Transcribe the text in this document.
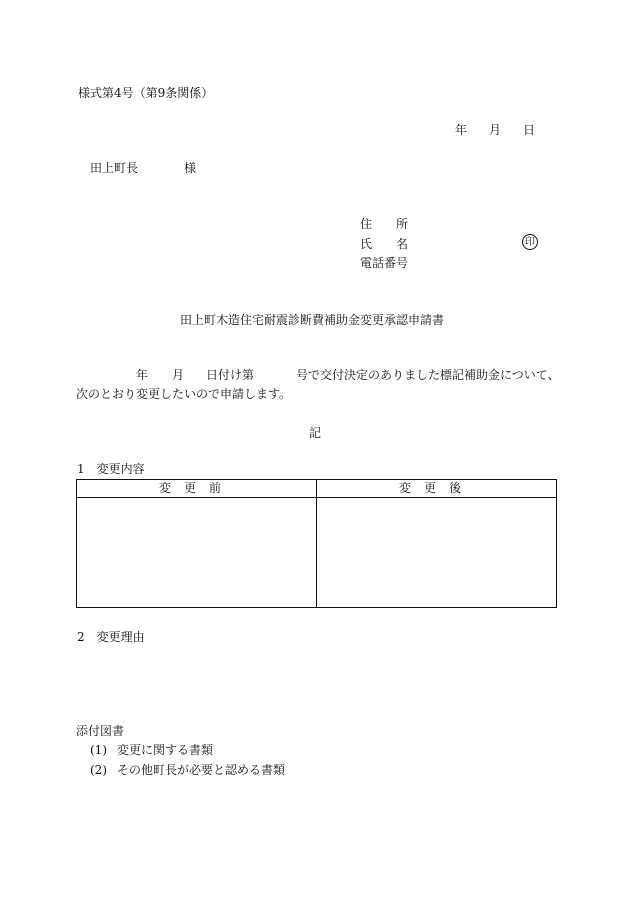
様式第4号（第9条関係）
年 月 日
田上町長	様
住　　所
氏　　名	印
電話番号
田上町木造住宅耐震診断費補助金変更承認申請書
年 月 日付け第	号で交付決定のありました標記補助金について、
次のとおり変更したいので申請します。
記
1　変更内容
変更前	変更後
2　変更理由
添付図書
(1) 変更に関する書類
(2) その他町長が必要と認める書類
